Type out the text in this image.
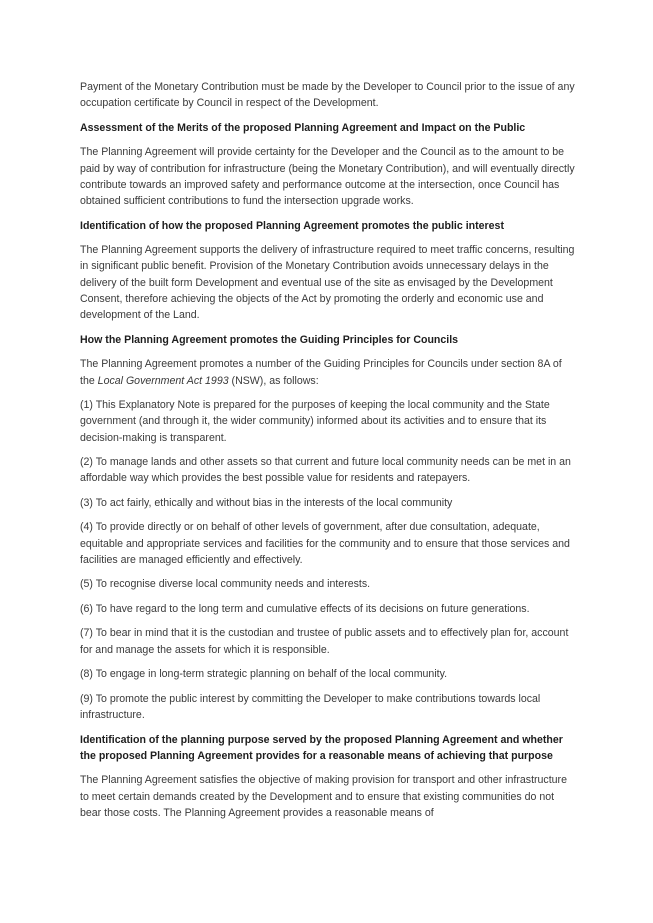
Payment of the Monetary Contribution must be made by the Developer to Council prior to the issue of any occupation certificate by Council in respect of the Development.

Assessment of the Merits of the proposed Planning Agreement and Impact on the Public

The Planning Agreement will provide certainty for the Developer and the Council as to the amount to be paid by way of contribution for infrastructure (being the Monetary Contribution), and will eventually directly contribute towards an improved safety and performance outcome at the intersection, once Council has obtained sufficient contributions to fund the intersection upgrade works.

Identification of how the proposed Planning Agreement promotes the public interest

The Planning Agreement supports the delivery of infrastructure required to meet traffic concerns, resulting in significant public benefit. Provision of the Monetary Contribution avoids unnecessary delays in the delivery of the built form Development and eventual use of the site as envisaged by the Development Consent, therefore achieving the objects of the Act by promoting the orderly and economic use and development of the Land.

How the Planning Agreement promotes the Guiding Principles for Councils

The Planning Agreement promotes a number of the Guiding Principles for Councils under section 8A of the Local Government Act 1993 (NSW), as follows:

(1) This Explanatory Note is prepared for the purposes of keeping the local community and the State government (and through it, the wider community) informed about its activities and to ensure that its decision-making is transparent.

(2) To manage lands and other assets so that current and future local community needs can be met in an affordable way which provides the best possible value for residents and ratepayers.

(3) To act fairly, ethically and without bias in the interests of the local community

(4) To provide directly or on behalf of other levels of government, after due consultation, adequate, equitable and appropriate services and facilities for the community and to ensure that those services and facilities are managed efficiently and effectively.

(5) To recognise diverse local community needs and interests.

(6) To have regard to the long term and cumulative effects of its decisions on future generations.

(7) To bear in mind that it is the custodian and trustee of public assets and to effectively plan for, account for and manage the assets for which it is responsible.

(8) To engage in long-term strategic planning on behalf of the local community.

(9) To promote the public interest by committing the Developer to make contributions towards local infrastructure.

Identification of the planning purpose served by the proposed Planning Agreement and whether the proposed Planning Agreement provides for a reasonable means of achieving that purpose

The Planning Agreement satisfies the objective of making provision for transport and other infrastructure to meet certain demands created by the Development and to ensure that existing communities do not bear those costs. The Planning Agreement provides a reasonable means of
